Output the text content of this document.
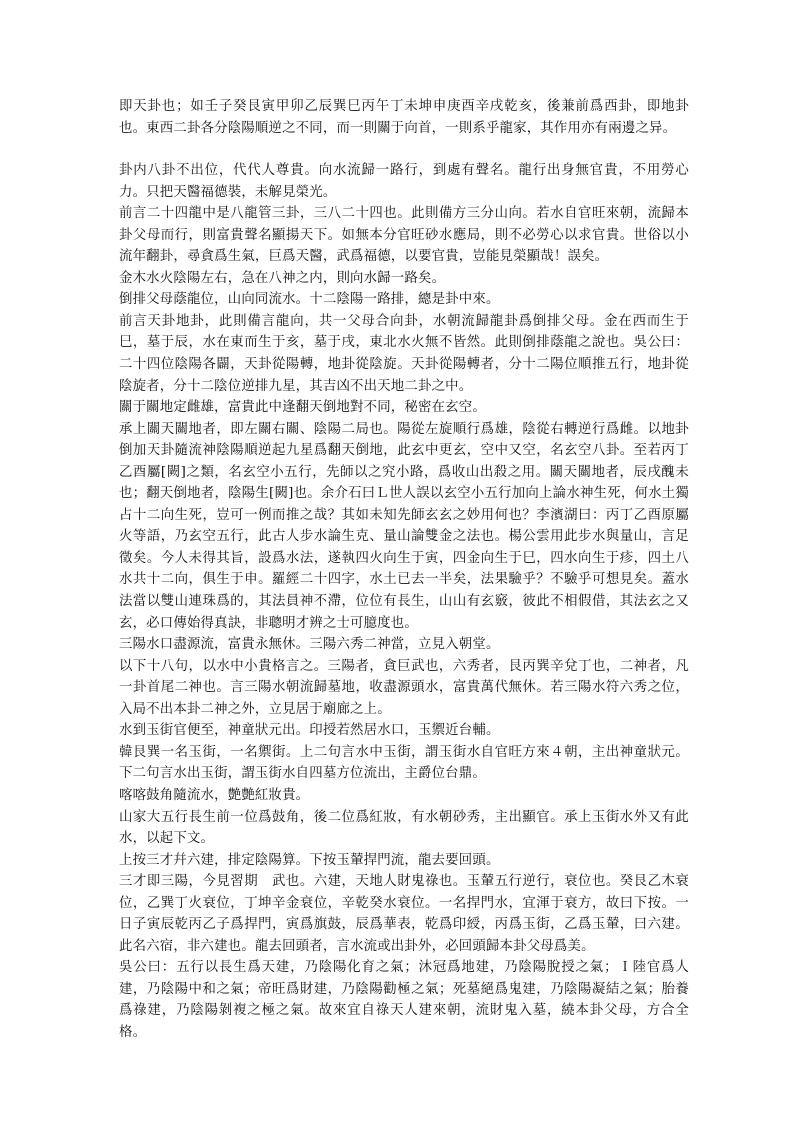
即天卦也；如壬子癸艮寅甲卯乙辰巽巳丙午丁未坤申庚酉辛戌乾亥，後兼前爲西卦，即地卦也。東西二卦各分陰陽順逆之不同，而一則關于向首，一則系乎龍家，其作用亦有兩邊之异。

卦内八卦不出位，代代人尊貴。向水流歸一路行，到處有聲名。龍行出身無官貴，不用勞心力。只把天醫福德裝，未解見榮光。

前言二十四龍中是八龍管三卦，三八二十四也。此則備方三分山向。若水自官旺來朝，流歸本卦父母而行，則富貴聲名顯揚天下。如無本分官旺砂水應局，則不必勞心以求官貴。世俗以小流年翻卦，尋貪爲生氣，巨爲天醫，武爲福德，以要官貴，豈能見榮顯哉！誤矣。

金木水火陰陽左右，急在八神之内，則向水歸一路矣。

倒排父母蔭龍位，山向同流水。十二陰陽一路排，總是卦中來。

前言天卦地卦，此則備言龍向，共一父母合向卦，水朝流歸龍卦爲倒排父母。金在西而生于巳，墓于辰，水在東而生于亥，墓于戌，東北水火無不皆然。此則倒排蔭龍之說也。吳公曰：二十四位陰陽各闢，天卦從陽轉，地卦從陰旋。天卦從陽轉者，分十二陽位順推五行，地卦從陰旋者，分十二陰位逆排九星，其吉凶不出天地二卦之中。

關于關地定雌雄，富貴此中逢翻天倒地對不同，秘密在玄空。

承上關天關地者，即左關右關、陰陽二局也。陽從左旋順行爲雄，陰從右轉逆行爲雌。以地卦倒加天卦隨流神陰陽順逆起九星爲翻天倒地，此玄中更玄，空中又空，名玄空八卦。至若丙丁乙酉屬[闕]之類，名玄空小五行，先師以之究小路，爲收山出殺之用。關天關地者，辰戌醜未也；翻天倒地者，陰陽生[闕]也。余介石曰Ｌ世人誤以玄空小五行加向上論水神生死，何水土獨占十二向生死，豈可一例而推之哉？其如未知先師玄玄之妙用何也？李濱湖曰：丙丁乙酉原屬火等語，乃玄空五行，此古人步水論生克、量山論雙金之法也。楊公雲用此步水與量山，言足徵矣。今人未得其旨，設爲水法，遂執四火向生于寅，四金向生于巳，四水向生于疹，四土八水共十二向，俱生于申。羅經二十四字，水土已去一半矣，法果驗乎？不驗乎可想見矣。蓋水法當以雙山連珠爲的，其法員神不滯，位位有長生，山山有玄竅，彼此不相假借，其法玄之又玄，必口傳始得真訣，非聰明才辨之士可臆度也。

三陽水口盡源流，富貴永無休。三陽六秀二神當，立見入朝堂。

以下十八句，以水中小貴格言之。三陽者，貪巨武也，六秀者，艮丙巽辛兌丁也，二神者，凡一卦首尾二神也。言三陽水朝流歸墓地，收盡源頭水，富貴萬代無休。若三陽水符六秀之位，入局不出本卦二神之外，立見居于廟廊之上。

水到玉街官便至，神童狀元出。印授若然居水口，玉禦近台輔。

韓艮巽一名玉街，一名禦街。上二句言水中玉街，謂玉街水自官旺方來４朝，主出神童狀元。下二句言水出玉街，謂玉街水自四墓方位流出，主爵位台鼎。

喀喀鼓角隨流水，艶艶紅妝貴。

山家大五行長生前一位爲鼓角，後二位爲紅妝，有水朝砂秀，主出顯官。承上玉街水外又有此水，以起下文。

上按三才幷六建，排定陰陽算。下按玉輦捍門流，龍去要回頭。

三才即三陽，今見習期　武也。六建，天地人財鬼祿也。玉輦五行逆行，衰位也。癸艮乙木衰位，乙巽丁火衰位，丁坤辛金衰位，辛乾癸水衰位。一名捍門水，宜渾于衰方，故曰下按。一日子寅辰乾丙乙子爲捍門，寅爲旗鼓，辰爲華表，乾爲印綬，丙爲玉街，乙爲玉輦，曰六建。此名六宿，非六建也。龍去回頭者，言水流或出卦外，必回頭歸本卦父母爲美。

吳公曰：五行以長生爲天建，乃陰陽化育之氣；沐冠爲地建，乃陰陽脫授之氣；Ｉ陸官爲人建，乃陰陽中和之氣；帝旺爲財建，乃陰陽勸極之氣；死墓絕爲鬼建，乃陰陽凝結之氣；胎養爲祿建，乃陰陽剝複之極之氣。故來宜自祿天人建來朝，流財鬼入墓，繞本卦父母，方合全格。
